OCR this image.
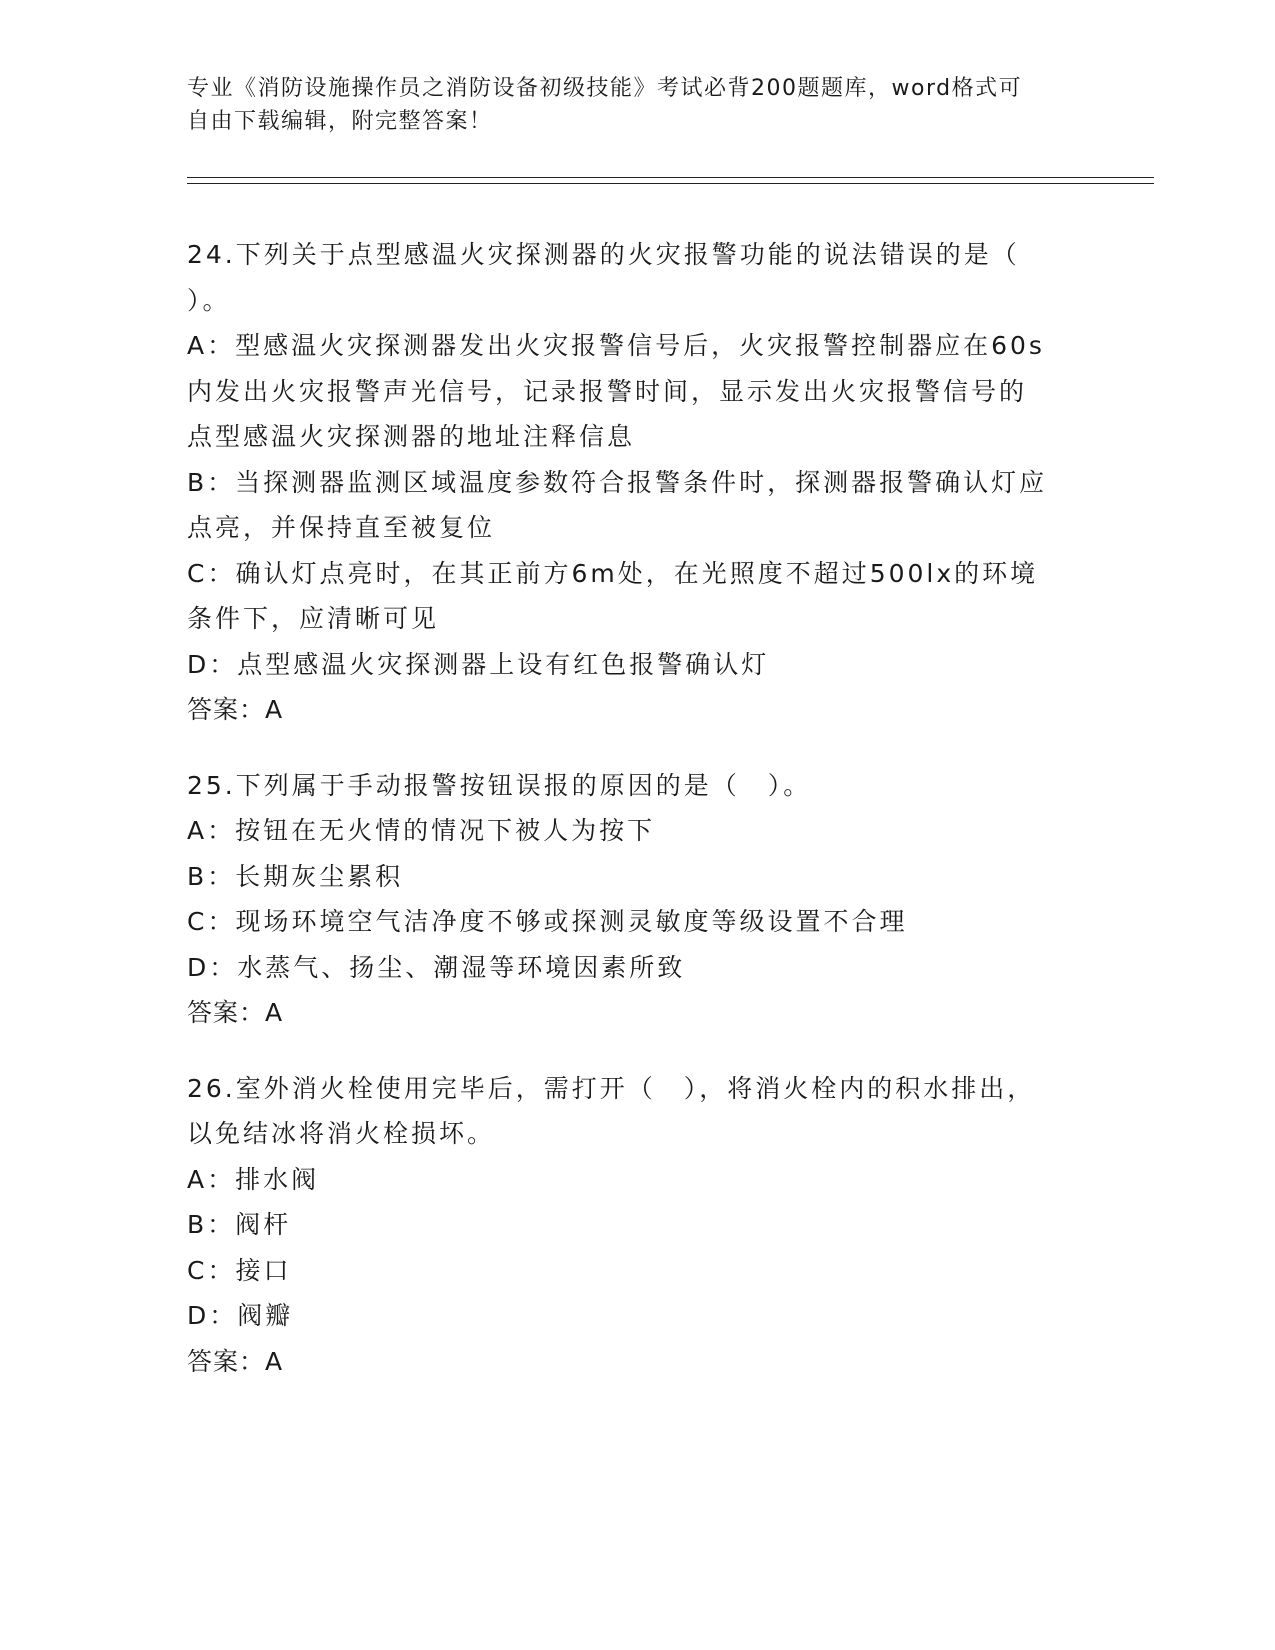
专业《消防设施操作员之消防设备初级技能》考试必背200题题库，word格式可
自由下载编辑，附完整答案！
24.下列关于点型感温火灾探测器的火灾报警功能的说法错误的是（
）。
A：型感温火灾探测器发出火灾报警信号后，火灾报警控制器应在60s
内发出火灾报警声光信号，记录报警时间，显示发出火灾报警信号的
点型感温火灾探测器的地址注释信息
B：当探测器监测区域温度参数符合报警条件时，探测器报警确认灯应
点亮，并保持直至被复位
C：确认灯点亮时，在其正前方6m处，在光照度不超过500lx的环境
条件下，应清晰可见
D：点型感温火灾探测器上设有红色报警确认灯
答案：A
25.下列属于手动报警按钮误报的原因的是（　）。
A：按钮在无火情的情况下被人为按下
B：长期灰尘累积
C：现场环境空气洁净度不够或探测灵敏度等级设置不合理
D：水蒸气、扬尘、潮湿等环境因素所致
答案：A
26.室外消火栓使用完毕后，需打开（　），将消火栓内的积水排出，
以免结冰将消火栓损坏。
A：排水阀
B：阀杆
C：接口
D：阀瓣
答案：A
